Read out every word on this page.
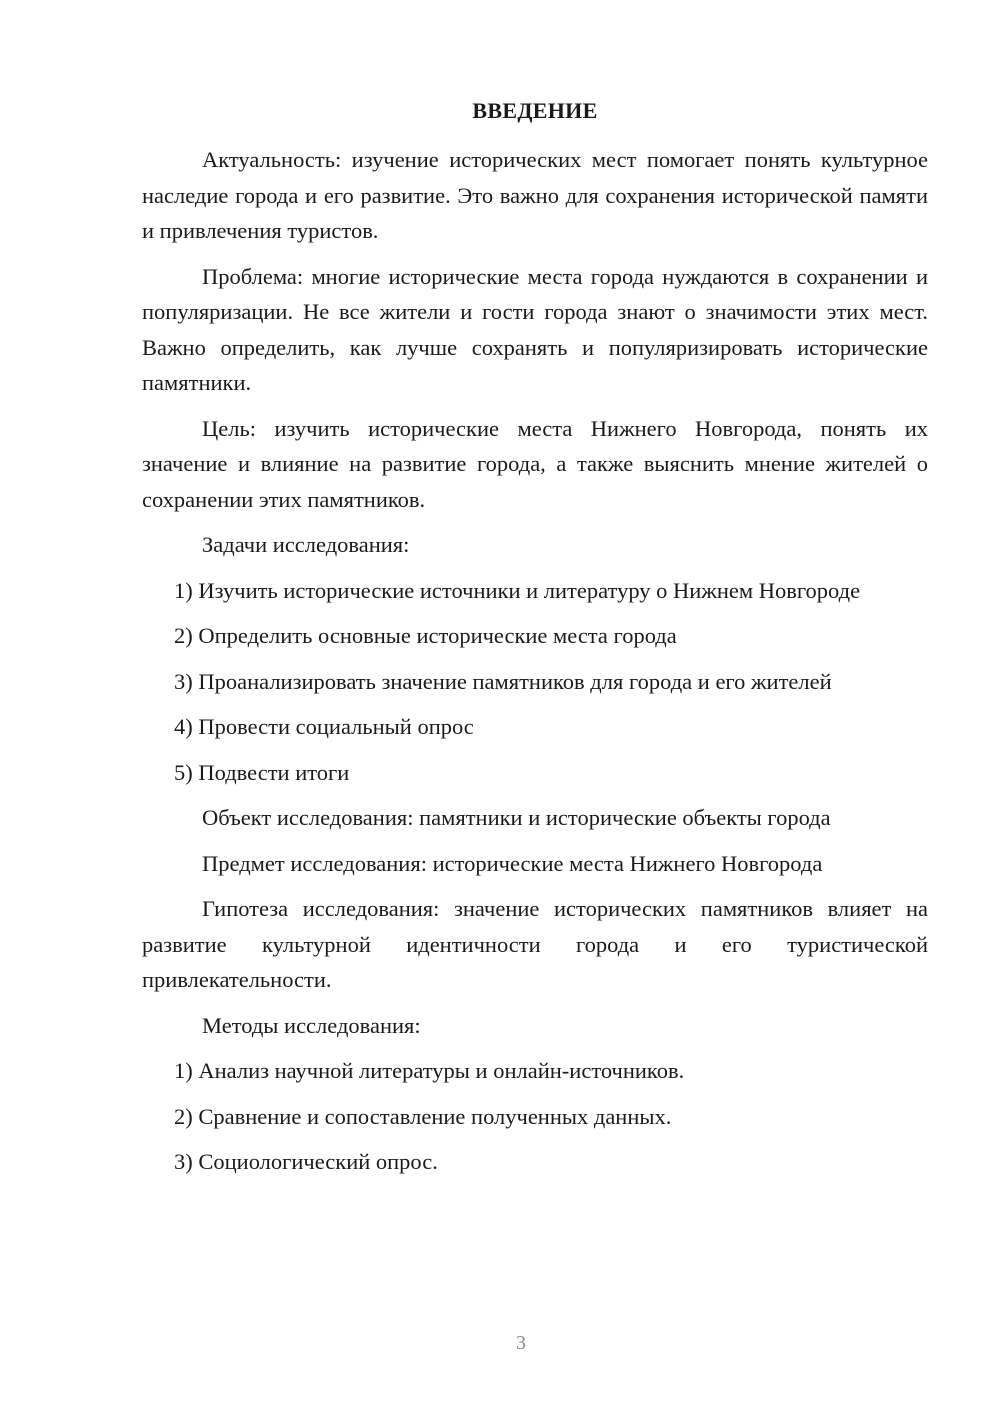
ВВЕДЕНИЕ

Актуальность: изучение исторических мест помогает понять культурное наследие города и его развитие. Это важно для сохранения исторической памяти и привлечения туристов.

Проблема: многие исторические места города нуждаются в сохранении и популяризации. Не все жители и гости города знают о значимости этих мест. Важно определить, как лучше сохранять и популяризировать исторические памятники.

Цель: изучить исторические места Нижнего Новгорода, понять их значение и влияние на развитие города, а также выяснить мнение жителей о сохранении этих памятников.

Задачи исследования:

1) Изучить исторические источники и литературу о Нижнем Новгороде

2) Определить основные исторические места города

3) Проанализировать значение памятников для города и его жителей

4) Провести социальный опрос

5) Подвести итоги

Объект исследования: памятники и исторические объекты города

Предмет исследования: исторические места Нижнего Новгорода

Гипотеза исследования: значение исторических памятников влияет на развитие культурной идентичности города и его туристической привлекательности.

Методы исследования:

1) Анализ научной литературы и онлайн-источников.

2) Сравнение и сопоставление полученных данных.

3) Социологический опрос.

3
